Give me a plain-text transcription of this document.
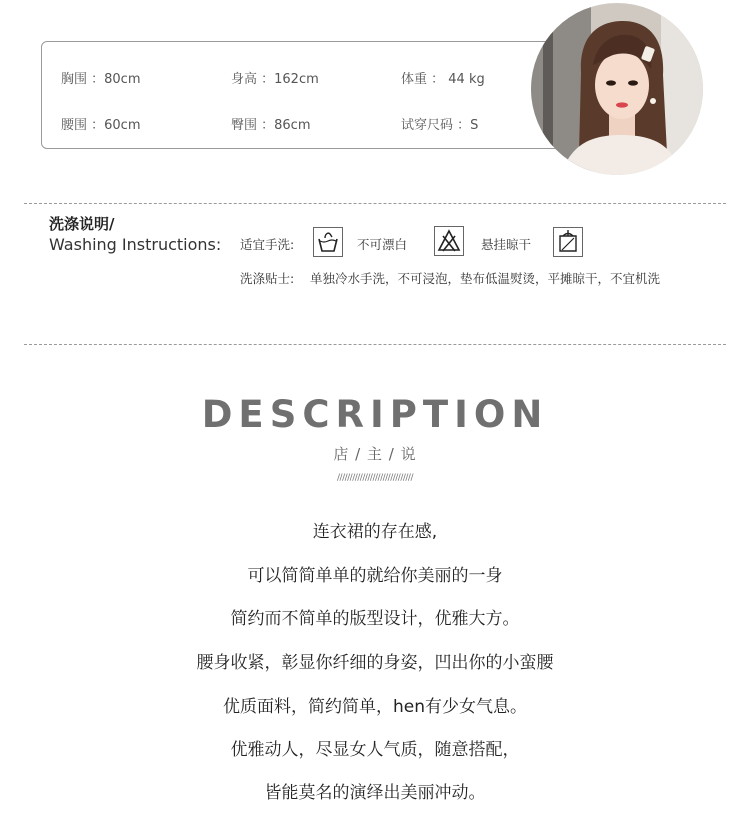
胸围 ：80cm	身高 ：162cm	体重 ： 44 kg
腰围 ：60cm	臀围 ：86cm	试穿尺码 ：S
洗涤说明/
Washing Instructions: 适宜手洗:	不可漂白	悬挂晾干
洗涤贴士: 单独冷水手洗，不可浸泡，垫布低温熨烫，平摊晾干，不宜机洗
DESCRIPTION
店 / 主 / 说
//////////////////////////////
连衣裙的存在感,
可以简简单单的就给你美丽的一身
简约而不简单的版型设计，优雅大方。
腰身收紧，彰显你纤细的身姿，凹出你的小蛮腰
优质面料，简约简单，hen有少女气息。
优雅动人，尽显女人气质，随意搭配，
皆能莫名的演绎出美丽冲动。
